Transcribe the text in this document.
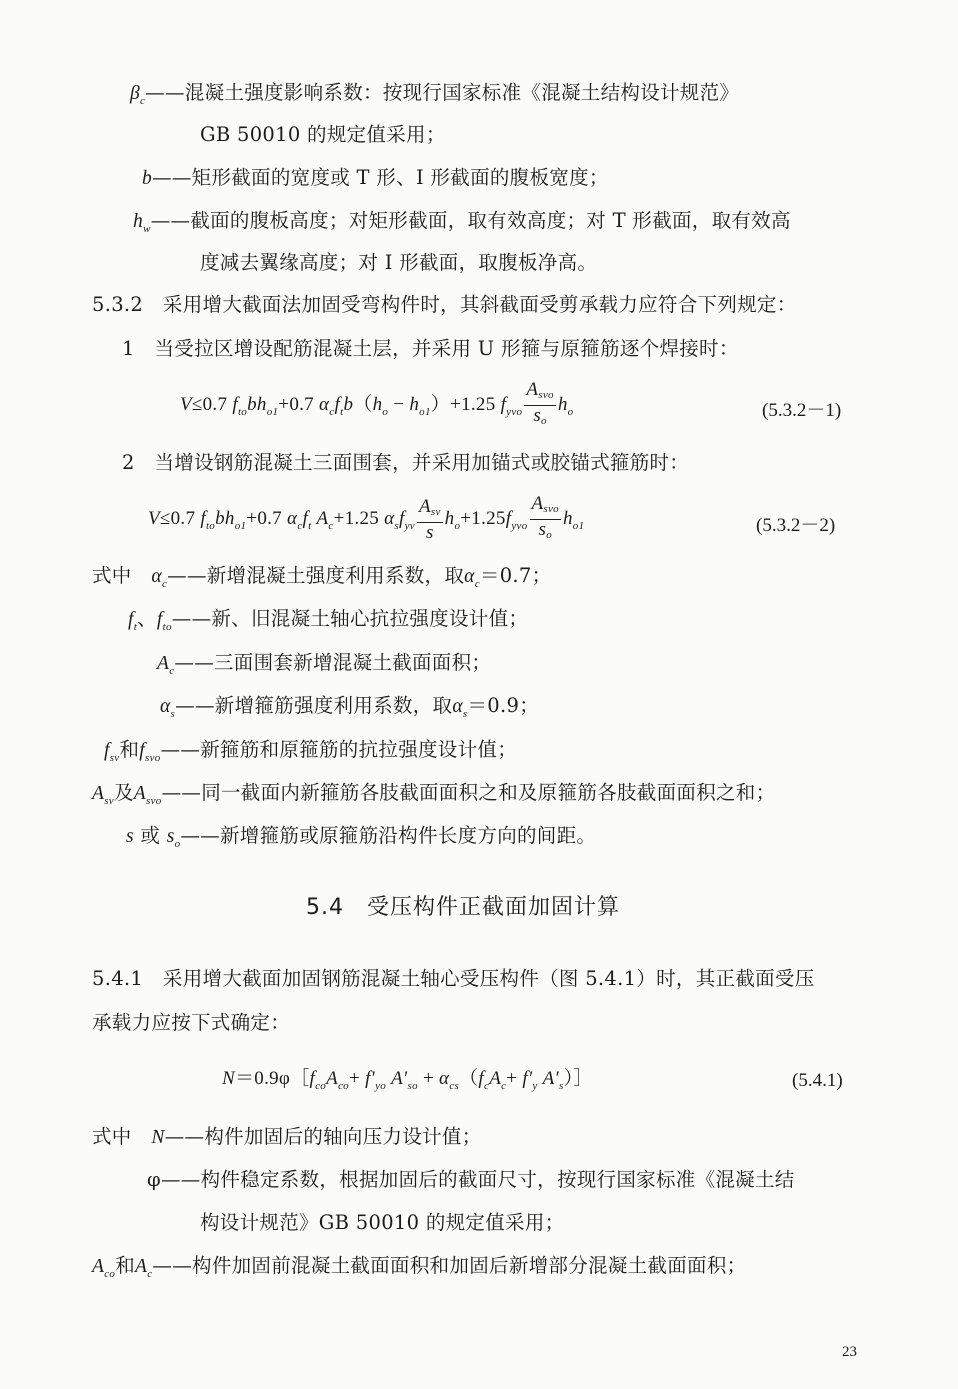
$\beta_c——$混凝土强度影响系数：按现行国家标准《混凝土结构设计规范》
GB 50010 的规定值采用；
b——矩形截面的宽度或 T 形、I 形截面的腹板宽度；
$h_w——$截面的腹板高度；对矩形截面，取有效高度；对 T 形截面，取有效高
度减去翼缘高度；对 I 形截面，取腹板净高。
5.3.2　采用增大截面法加固受弯构件时，其斜截面受剪承载力应符合下列规定：
1　当受拉区增设配筋混凝土层，并采用 U 形箍与原箍筋逐个焊接时：
V≤0.7 $f_{to}bh_{o1}+0.7$ $\alpha_cf_tb(h_o - h_{o1})+1.25$ $f_{yvo} \frac{A_{svo}}{s_o} h_o$	(5.3.2－1)
2　当增设钢筋混凝土三面围套，并采用加锚式或胶锚式箍筋时：
V≤0.7 $f_{to}bh_{o1}+0.7$ $\alpha_cf_t$ $A_c+1.25$ $\alpha_sf_{yv} \frac{A_{sv}}{s} h_o+1.25f_{yvo} \frac{A_{svo}}{s_o} h_{o1}$	(5.3.2－2)
式中　 $\alpha_c——$新增混凝土强度利用系数，取$\alpha_c=0.7$；
$f_t$、$f_{to}——$新、旧混凝土轴心抗拉强度设计值；
$A_c——$三面围套新增混凝土截面面积；
$\alpha_s——$新增箍筋强度利用系数，取$\alpha_s=0.9$；
$f_{sv}$和$f_{svo}——$新箍筋和原箍筋的抗拉强度设计值；
$A_{sv}$及$A_{svo}——$同一截面内新箍筋各肢截面面积之和及原箍筋各肢截面面积之和；
s 或 $s_o——$新增箍筋或原箍筋沿构件长度方向的间距。
5.4　 受压构件正截面加固计算
5.4.1　采用增大截面加固钢筋混凝土轴心受压构件（图 5.4.1）时，其正截面受压
承载力应按下式确定：
$N=0.9\varphi[f_{co}A_{co}+ f'_{yo}$ $A'_{so} + \alpha_{cs}(f_cA_c+ f'_y$ $A'_s)]$	(5.4.1)
式中　 N——构件加固后的轴向压力设计值；
φ——构件稳定系数，根据加固后的截面尺寸，按现行国家标准《混凝土结
构设计规范》GB 50010 的规定值采用；
$A_{co}$和$A_c——$构件加固前混凝土截面面积和加固后新增部分混凝土截面面积；
23
